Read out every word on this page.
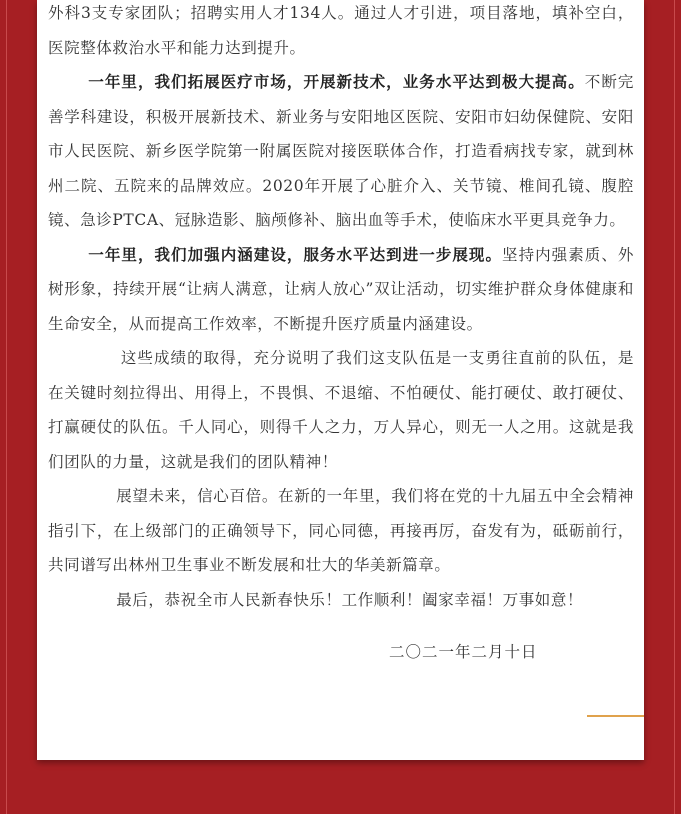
外科3支专家团队；招聘实用人才134人。通过人才引进，项目落地，填补空白，医院整体救治水平和能力达到提升。

一年里，我们拓展医疗市场，开展新技术，业务水平达到极大提高。不断完善学科建设，积极开展新技术、新业务与安阳地区医院、安阳市妇幼保健院、安阳市人民医院、新乡医学院第一附属医院对接医联体合作，打造看病找专家，就到林州二院、五院来的品牌效应。2020年开展了心脏介入、关节镜、椎间孔镜、腹腔镜、急诊PTCA、冠脉造影、脑颅修补、脑出血等手术，使临床水平更具竞争力。

一年里，我们加强内涵建设，服务水平达到进一步展现。坚持内强素质、外树形象，持续开展“让病人满意，让病人放心”双让活动，切实维护群众身体健康和生命安全，从而提高工作效率，不断提升医疗质量内涵建设。

这些成绩的取得，充分说明了我们这支队伍是一支勇往直前的队伍，是在关键时刻拉得出、用得上，不畏惧、不退缩、不怕硬仗、能打硬仗、敢打硬仗、打赢硬仗的队伍。千人同心，则得千人之力，万人异心，则无一人之用。这就是我们团队的力量，这就是我们的团队精神！

展望未来，信心百倍。在新的一年里，我们将在党的十九届五中全会精神指引下，在上级部门的正确领导下，同心同德，再接再厉，奋发有为，砥砺前行，共同谱写出林州卫生事业不断发展和壮大的华美新篇章。

最后，恭祝全市人民新春快乐！工作顺利！阖家幸福！万事如意！

二〇二一年二月十日
